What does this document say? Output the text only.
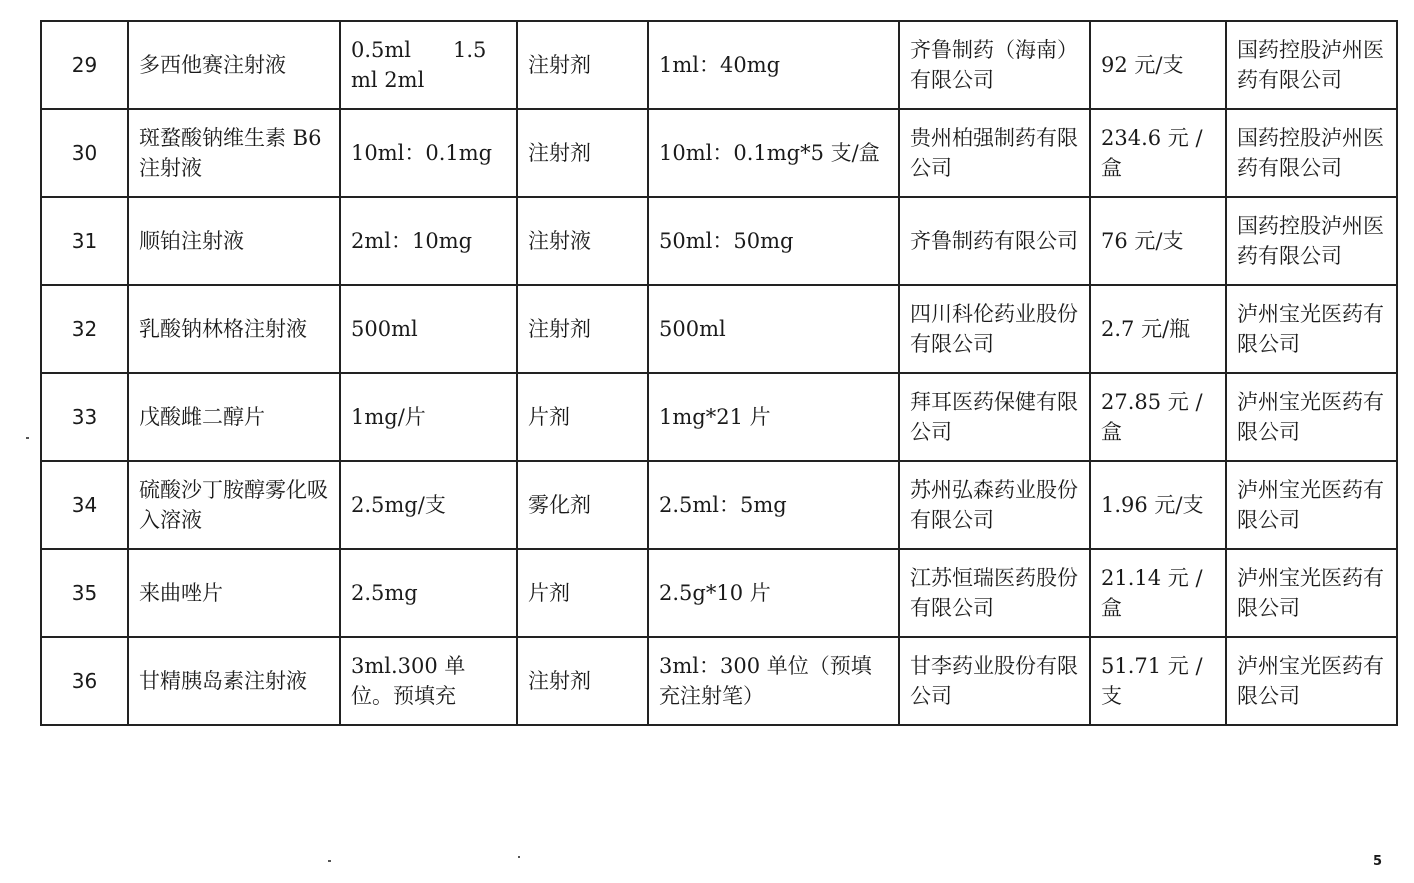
29	多西他赛注射液	0.5ml　　1.5ml 2ml	注射剂	1ml：40mg	齐鲁制药（海南）有限公司	92 元/支	国药控股泸州医药有限公司
30	斑蝥酸钠维生素 B6 注射液	10ml：0.1mg	注射剂	10ml：0.1mg*5 支/盒	贵州柏强制药有限公司	234.6 元 / 盒	国药控股泸州医药有限公司
31	顺铂注射液	2ml：10mg	注射液	50ml：50mg	齐鲁制药有限公司	76 元/支	国药控股泸州医药有限公司
32	乳酸钠林格注射液	500ml	注射剂	500ml	四川科伦药业股份有限公司	2.7 元/瓶	泸州宝光医药有限公司
33	戊酸雌二醇片	1mg/片	片剂	1mg*21 片	拜耳医药保健有限公司	27.85 元 / 盒	泸州宝光医药有限公司
34	硫酸沙丁胺醇雾化吸入溶液	2.5mg/支	雾化剂	2.5ml：5mg	苏州弘森药业股份有限公司	1.96 元/支	泸州宝光医药有限公司
35	来曲唑片	2.5mg	片剂	2.5g*10 片	江苏恒瑞医药股份有限公司	21.14 元 / 盒	泸州宝光医药有限公司
36	甘精胰岛素注射液	3ml.300 单位。预填充	注射剂	3ml：300 单位（预填充注射笔）	甘李药业股份有限公司	51.71 元 / 支	泸州宝光医药有限公司
5
